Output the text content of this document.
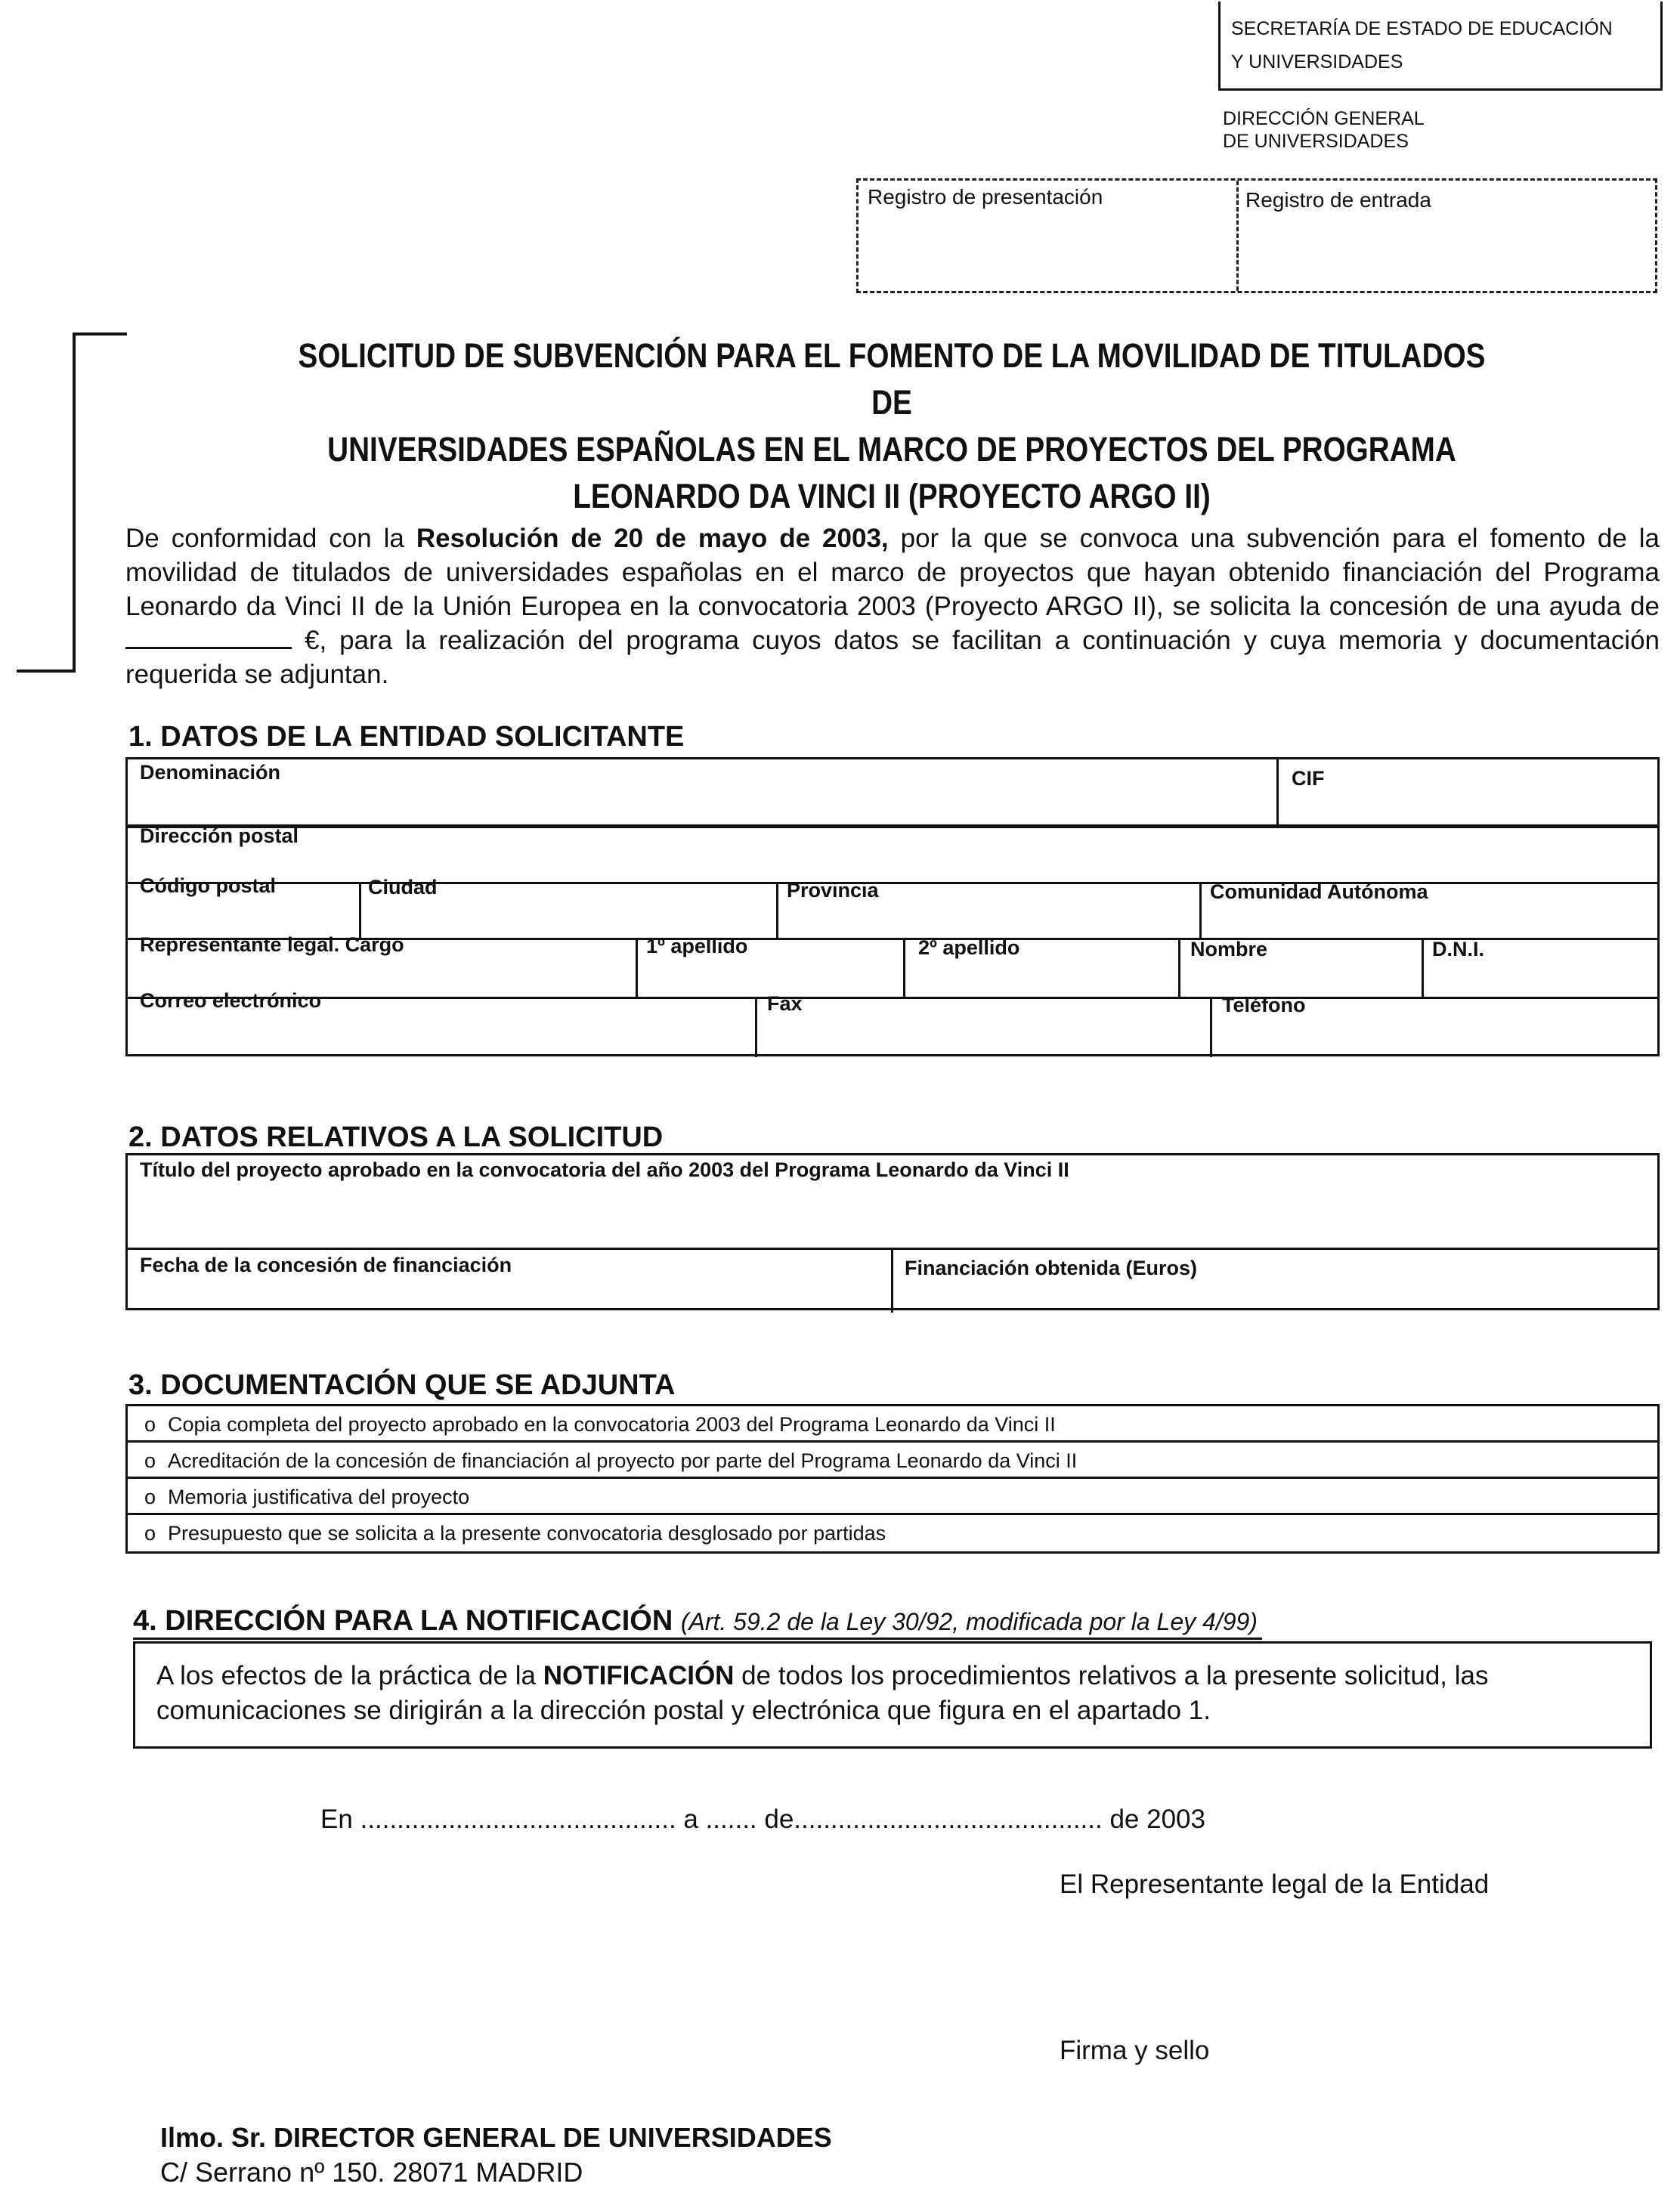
SECRETARÍA DE ESTADO DE EDUCACIÓN
Y UNIVERSIDADES
DIRECCIÓN GENERAL
DE UNIVERSIDADES
Registro de presentación	Registro de entrada
SOLICITUD DE SUBVENCIÓN PARA EL FOMENTO DE LA MOVILIDAD DE TITULADOS DE
UNIVERSIDADES ESPAÑOLAS EN EL MARCO DE PROYECTOS DEL PROGRAMA
LEONARDO DA VINCI II (PROYECTO ARGO II)
De conformidad con la Resolución de 20 de mayo de 2003, por la que se convoca una subvención para el fomento de la movilidad de titulados de universidades españolas en el marco de proyectos que hayan obtenido financiación del Programa Leonardo da Vinci II de la Unión Europea en la convocatoria 2003 (Proyecto ARGO II), se solicita la concesión de una ayuda de  €, para la realización del programa cuyos datos se facilitan a continuación y cuya memoria y documentación requerida se adjuntan.
1. DATOS DE LA ENTIDAD SOLICITANTE
Denominación	CIF
Dirección postal
Código postal	Ciudad	Provincia	Comunidad Autónoma
Representante legal. Cargo	1º apellido	2º apellido	Nombre	D.N.I.
Correo electrónico	Fax	Teléfono
2. DATOS RELATIVOS A LA SOLICITUD
Título del proyecto aprobado en la convocatoria del año 2003 del Programa Leonardo da Vinci II
Fecha de la concesión de financiación	Financiación obtenida (Euros)
3. DOCUMENTACIÓN QUE SE ADJUNTA
o Copia completa del proyecto aprobado en la convocatoria 2003 del Programa Leonardo da Vinci II
o Acreditación de la concesión de financiación al proyecto por parte del Programa Leonardo da Vinci II
o Memoria justificativa del proyecto
o Presupuesto que se solicita a la presente convocatoria desglosado por partidas
4. DIRECCIÓN PARA LA NOTIFICACIÓN (Art. 59.2 de la Ley 30/92, modificada por la Ley 4/99)
A los efectos de la práctica de la NOTIFICACIÓN de todos los procedimientos relativos a la presente solicitud, las comunicaciones se dirigirán a la dirección postal y electrónica que figura en el apartado 1.
En ........................................... a ....... de.......................................... de 2003
El Representante legal de la Entidad
Firma y sello
Ilmo. Sr. DIRECTOR GENERAL DE UNIVERSIDADES
C/ Serrano nº 150. 28071 MADRID
